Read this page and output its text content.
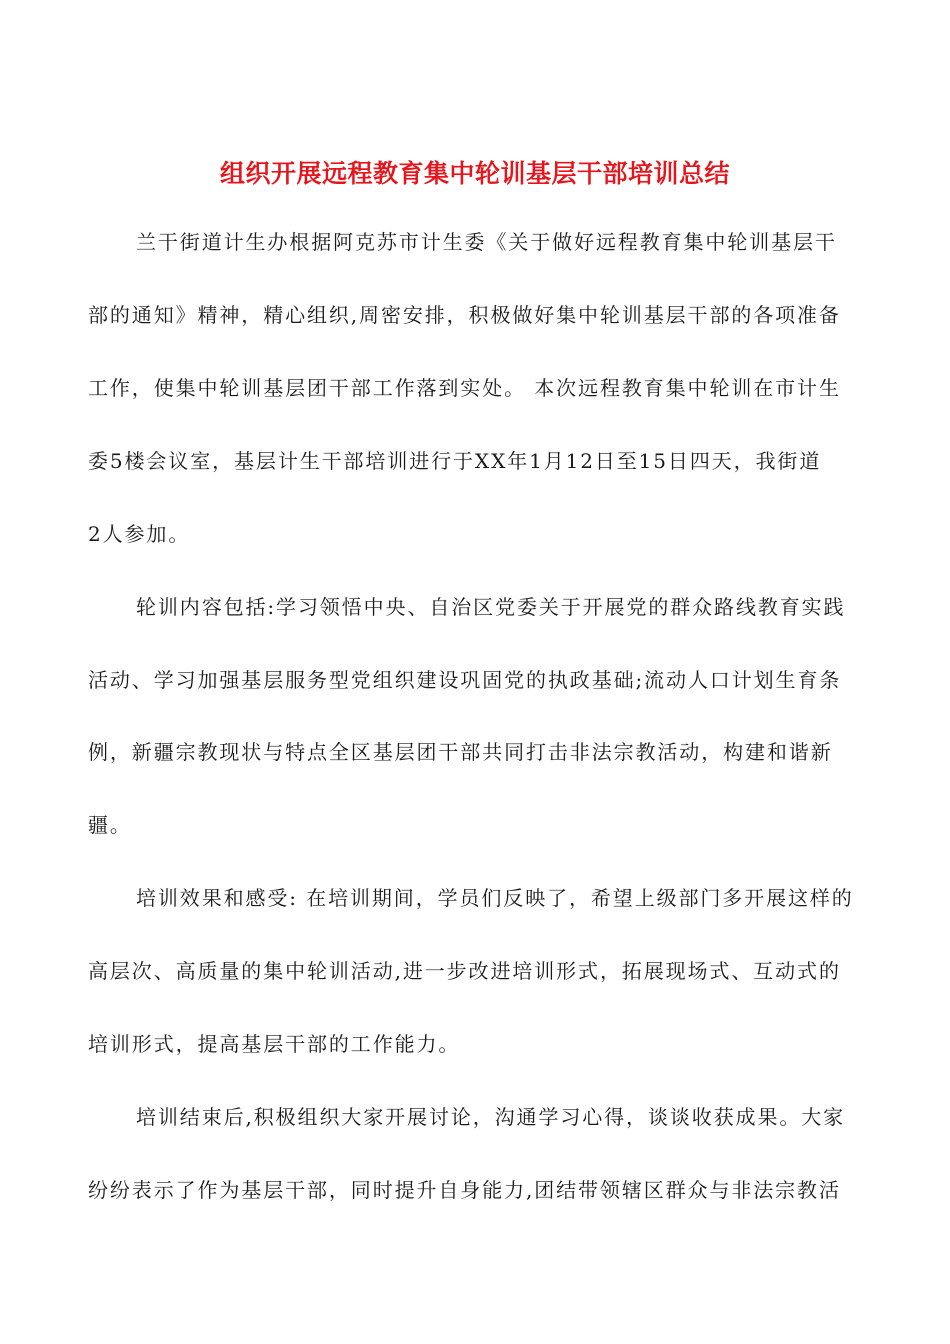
组织开展远程教育集中轮训基层干部培训总结
兰干街道计生办根据阿克苏市计生委《关于做好远程教育集中轮训基层干
部的通知》精神，精心组织,周密安排，积极做好集中轮训基层干部的各项准备
工作，使集中轮训基层团干部工作落到实处。 本次远程教育集中轮训在市计生
委5楼会议室，基层计生干部培训进行于XX年1月12日至15日四天，我街道
2人参加。
轮训内容包括:学习领悟中央、自治区党委关于开展党的群众路线教育实践
活动、学习加强基层服务型党组织建设巩固党的执政基础;流动人口计划生育条
例，新疆宗教现状与特点全区基层团干部共同打击非法宗教活动，构建和谐新
疆。
培训效果和感受: 在培训期间，学员们反映了，希望上级部门多开展这样的
高层次、高质量的集中轮训活动,进一步改进培训形式，拓展现场式、互动式的
培训形式，提高基层干部的工作能力。
培训结束后,积极组织大家开展讨论，沟通学习心得，谈谈收获成果。大家
纷纷表示了作为基层干部，同时提升自身能力,团结带领辖区群众与非法宗教活
